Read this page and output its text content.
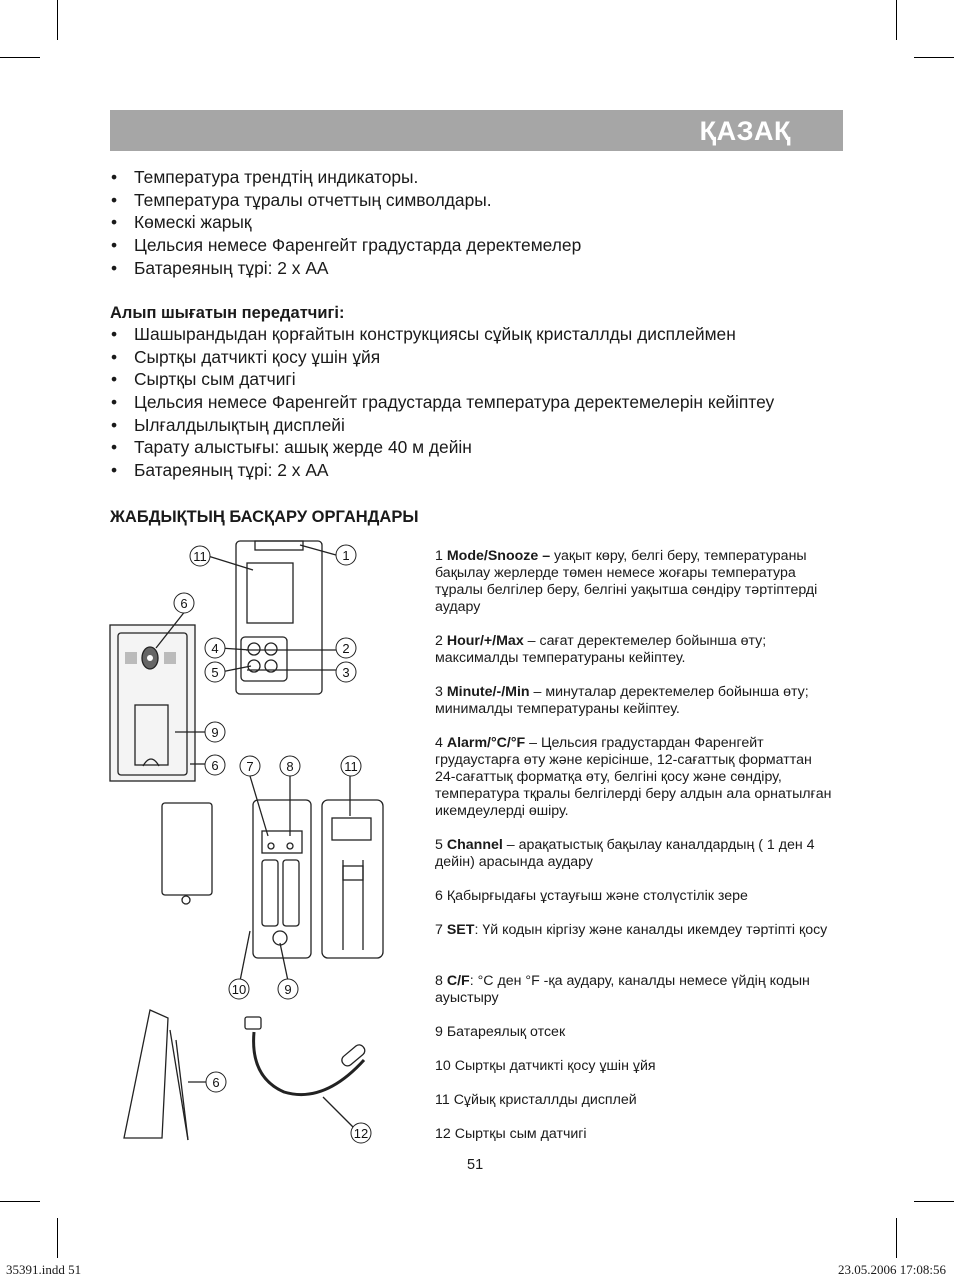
ҚАЗАҚ
• Температура трендтің индикаторы.
• Температура тұралы отчеттың символдары.
• Көмескі жарық
• Цельсия немесе Фаренгейт градустарда деректемелер
• Батареяның тұрі: 2 х АА
Алып шығатын передатчигі:
• Шашырандыдан қорғайтын конструкциясы сұйық кристаллды дисплеймен
• Сыртқы датчикті қосу ұшін ұйя
• Сыртқы сым датчигі
• Цельсия немесе Фаренгейт градустарда температура деректемелерін кейіптеу
• Ылғалдылықтың дисплейі
• Тарату алыстығы: ашық жерде 40 м дейін
• Батареяның тұрі: 2 х АА
ЖАБДЫҚТЫҢ БАСҚАРУ ОРГАНДАРЫ
11	1
6
4	2
5	3
9
6 7	8	11
10	9
6
12

1 Mode/Snooze – уақыт көру, белгі беру, температураны бақылау жерлерде төмен немесе жоғары температура тұралы белгілер беру, белгіні уақытша сөндіру тәртіптерді аудару

2 Hour/+/Max – сағат деректемелер бойынша өту; максималды температураны кейіптеу.

3 Minute/-/Min – минуталар деректемелер бойынша өту; минималды температураны кейіптеу.

4 Alarm/°C/°F – Цельсия градустардан Фаренгейт грудаустарға өту және керісінше, 12-сағаттық форматтан 24-сағаттық форматқа өту, белгіні қосу және сөндіру, температура тқралы белгілерді беру алдын ала орнатылған икемдеулерді өшіру.

5 Channel – арақатыстық бақылау каналдардың ( 1 ден 4 дейін) арасында аудару

6 Қабырғыдағы ұстауғыш және столүстілік зере

7 SET: Үй кодын кіргізу және каналды икемдеу тәртіпті қосу

8 C/F: °С ден °F -қа аудару, каналды немесе үйдің кодын ауыстыру

9 Батареялық отсек

10 Сыртқы датчикті қосу ұшін ұйя

11 Сұйық кристаллды дисплей

12 Сыртқы сым датчигі

51
35391.indd 51	23.05.2006 17:08:56
